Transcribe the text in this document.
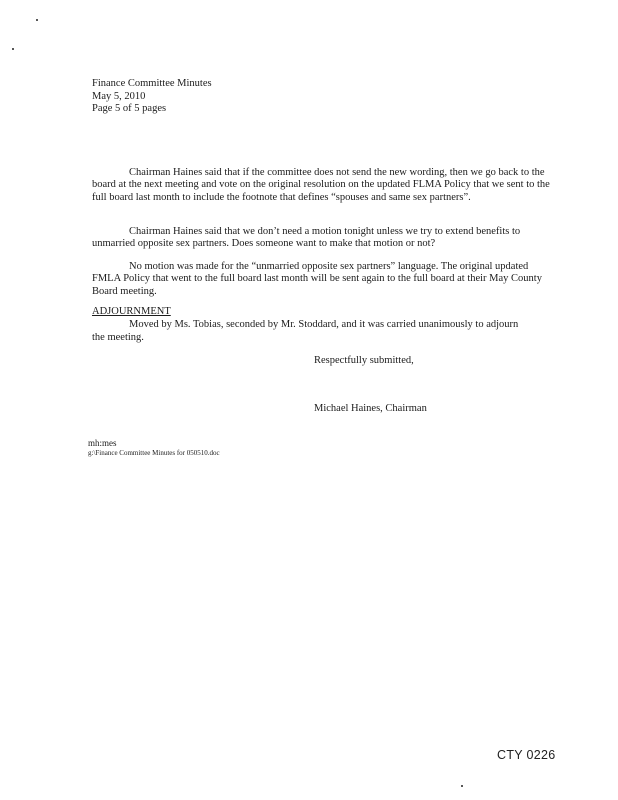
Finance Committee Minutes
May 5, 2010
Page 5 of 5 pages

Chairman Haines said that if the committee does not send the new wording, then we go back to the board at the next meeting and vote on the original resolution on the updated FLMA Policy that we sent to the full board last month to include the footnote that defines “spouses and same sex partners”.

Chairman Haines said that we don’t need a motion tonight unless we try to extend benefits to unmarried opposite sex partners. Does someone want to make that motion or not?

No motion was made for the “unmarried opposite sex partners” language. The original updated FMLA Policy that went to the full board last month will be sent again to the full board at their May County Board meeting.

ADJOURNMENT
Moved by Ms. Tobias, seconded by Mr. Stoddard, and it was carried unanimously to adjourn the meeting.
Respectfully submitted,
Michael Haines, Chairman
mh:mes
g:\Finance Committee Minutes for 050510.doc
CTY 0226
